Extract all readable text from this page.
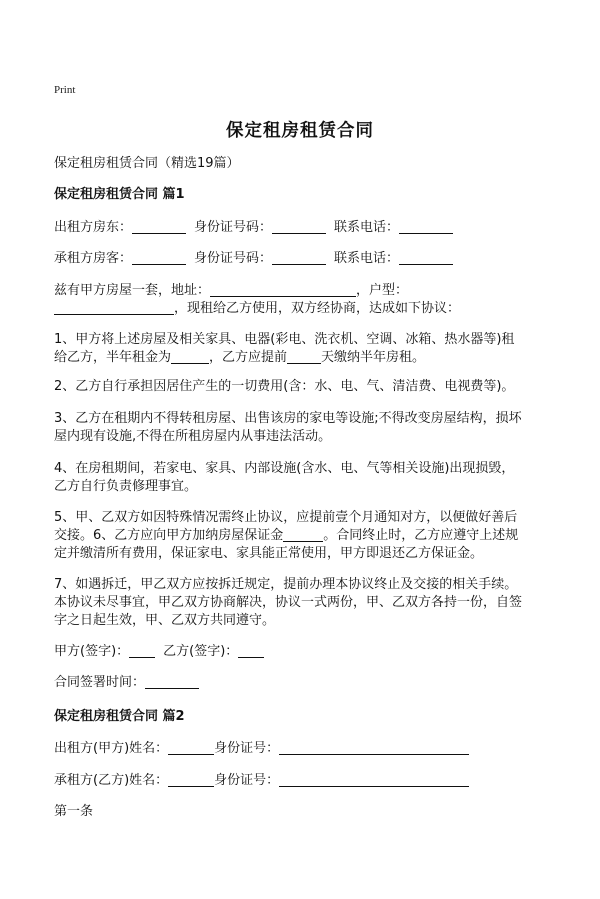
Print
保定租房租赁合同
保定租房租赁合同（精选19篇）
保定租房租赁合同 篇1
出租方房东：	身份证号码：	联系电话：
承租方房客：	身份证号码：	联系电话：
兹有甲方房屋一套，地址：	，户型：
，现租给乙方使用，双方经协商，达成如下协议：
1、甲方将上述房屋及相关家具、电器(彩电、洗衣机、空调、冰箱、热水器等)租
给乙方，半年租金为	，乙方应提前	天缴纳半年房租。
2、乙方自行承担因居住产生的一切费用(含：水、电、气、清洁费、电视费等)。
3、乙方在租期内不得转租房屋、出售该房的家电等设施;不得改变房屋结构，损坏
屋内现有设施,不得在所租房屋内从事违法活动。
4、在房租期间，若家电、家具、内部设施(含水、电、气等相关设施)出现损毁，
乙方自行负责修理事宜。
5、甲、乙双方如因特殊情况需终止协议，应提前壹个月通知对方，以便做好善后
交接。6、乙方应向甲方加纳房屋保证金	。合同终止时，乙方应遵守上述规
定并缴清所有费用，保证家电、家具能正常使用，甲方即退还乙方保证金。
7、如遇拆迁，甲乙双方应按拆迁规定，提前办理本协议终止及交接的相关手续。
本协议未尽事宜，甲乙双方协商解决，协议一式两份，甲、乙双方各持一份，自签
字之日起生效，甲、乙双方共同遵守。
甲方(签字)：	乙方(签字)：
合同签署时间：
保定租房租赁合同 篇2
出租方(甲方)姓名：	身份证号：
承租方(乙方)姓名：	身份证号：
第一条
